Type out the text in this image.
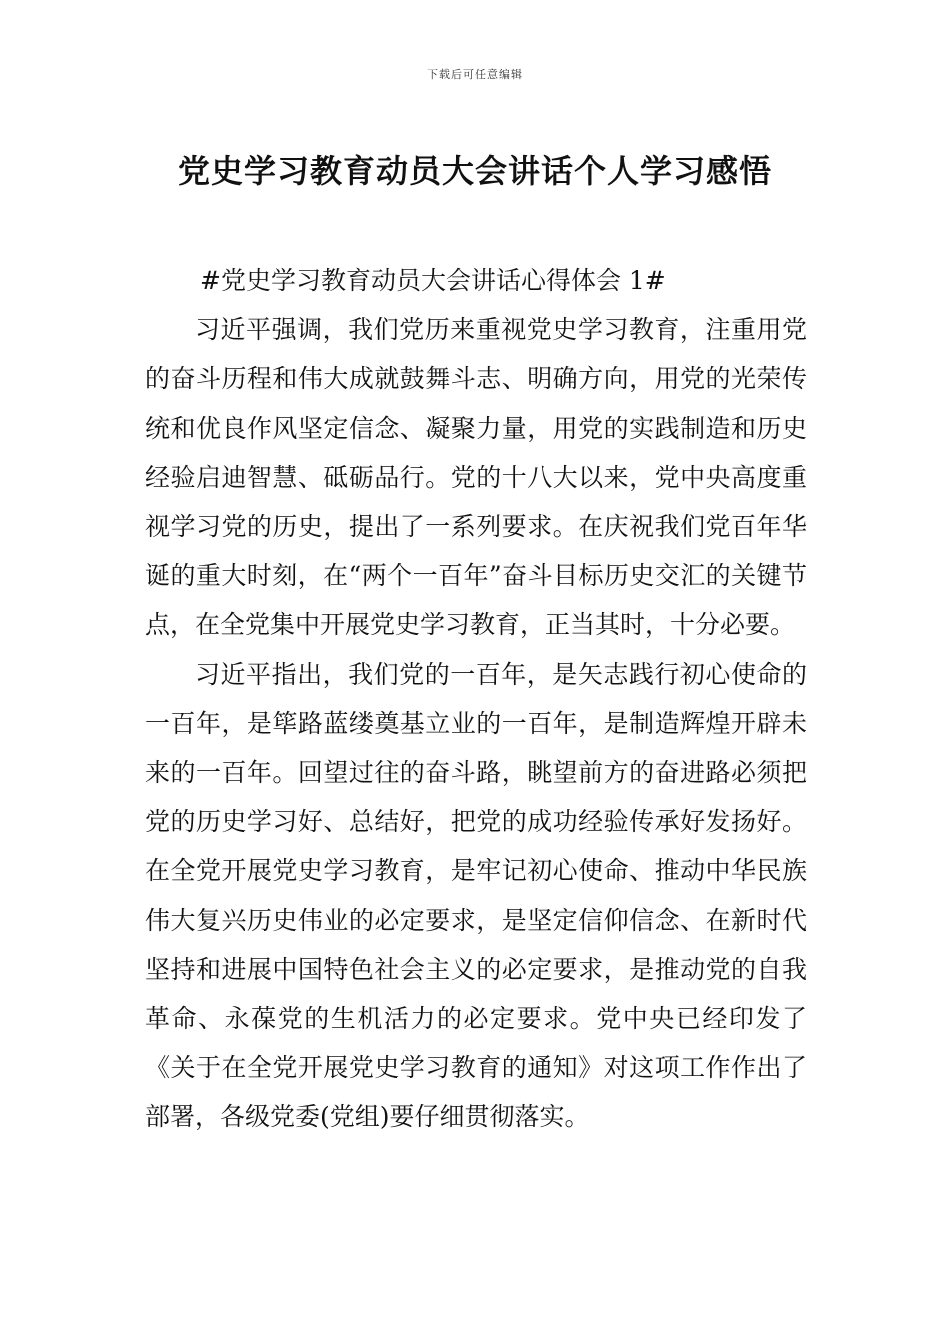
下载后可任意编辑
党史学习教育动员大会讲话个人学习感悟

#党史学习教育动员大会讲话心得体会 1#

习近平强调，我们党历来重视党史学习教育，注重用党的奋斗历程和伟大成就鼓舞斗志、明确方向，用党的光荣传统和优良作风坚定信念、凝聚力量，用党的实践制造和历史经验启迪智慧、砥砺品行。党的十八大以来，党中央高度重视学习党的历史，提出了一系列要求。在庆祝我们党百年华诞的重大时刻，在“两个一百年”奋斗目标历史交汇的关键节点，在全党集中开展党史学习教育，正当其时，十分必要。

习近平指出，我们党的一百年，是矢志践行初心使命的一百年，是筚路蓝缕奠基立业的一百年，是制造辉煌开辟未来的一百年。回望过往的奋斗路，眺望前方的奋进路必须把党的历史学习好、总结好，把党的成功经验传承好发扬好。在全党开展党史学习教育，是牢记初心使命、推动中华民族伟大复兴历史伟业的必定要求，是坚定信仰信念、在新时代坚持和进展中国特色社会主义的必定要求，是推动党的自我革命、永葆党的生机活力的必定要求。党中央已经印发了《关于在全党开展党史学习教育的通知》对这项工作作出了部署，各级党委(党组)要仔细贯彻落实。
